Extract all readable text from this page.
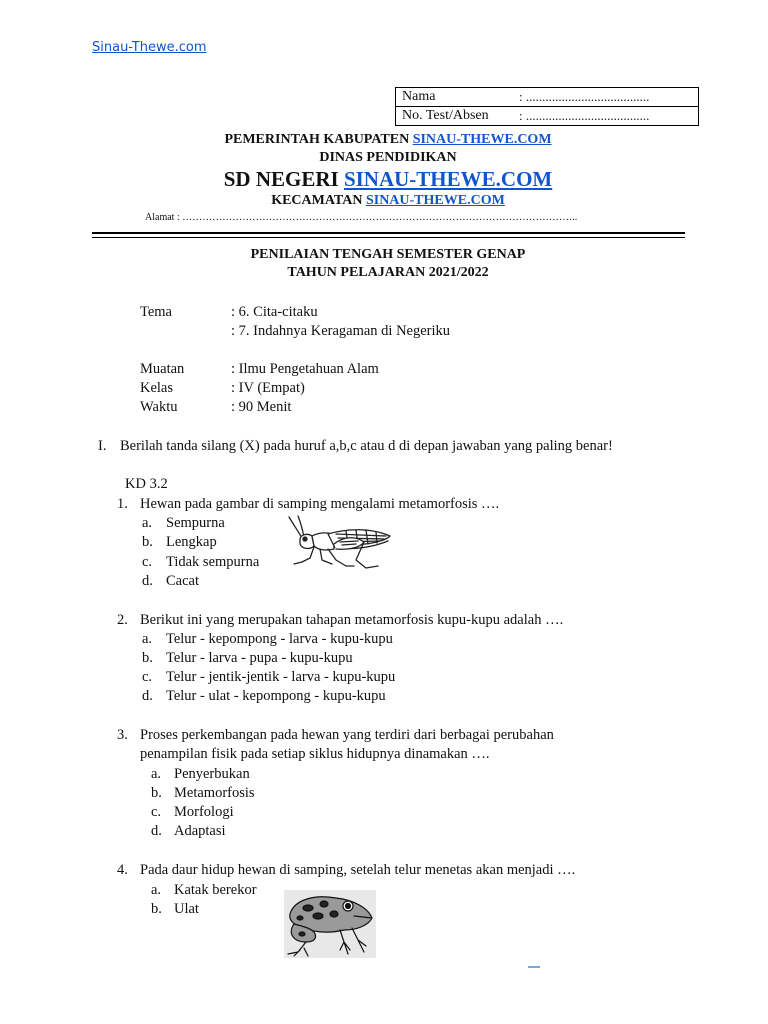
Sinau-Thewe.com
Nama	: ......................................
No. Test/Absen : ......................................
PEMERINTAH KABUPATEN SINAU-THEWE.COM
DINAS PENDIDIKAN
SD NEGERI SINAU-THEWE.COM
KECAMATAN SINAU-THEWE.COM
Alamat : ………………………………………………………………………………………………………..
PENILAIAN TENGAH SEMESTER GENAP
TAHUN PELAJARAN 2021/2022
Tema	: 6. Cita-citaku
: 7. Indahnya Keragaman di Negeriku
Muatan	: Ilmu Pengetahuan Alam
Kelas	: IV (Empat)
Waktu	: 90 Menit
I. Berilah tanda silang (X) pada huruf a,b,c atau d di depan jawaban yang paling benar!
KD 3.2
1. Hewan pada gambar di samping mengalami metamorfosis ….
a. Sempurna
b. Lengkap
c. Tidak sempurna
d. Cacat
2. Berikut ini yang merupakan tahapan metamorfosis kupu-kupu adalah ….
a. Telur - kepompong - larva - kupu-kupu
b. Telur - larva - pupa - kupu-kupu
c. Telur - jentik-jentik - larva - kupu-kupu
d. Telur - ulat - kepompong - kupu-kupu
3. Proses perkembangan pada hewan yang terdiri dari berbagai perubahan
penampilan fisik pada setiap siklus hidupnya dinamakan ….
a. Penyerbukan
b. Metamorfosis
c. Morfologi
d. Adaptasi
4. Pada daur hidup hewan di samping, setelah telur menetas akan menjadi ….
a. Katak berekor
b. Ulat
